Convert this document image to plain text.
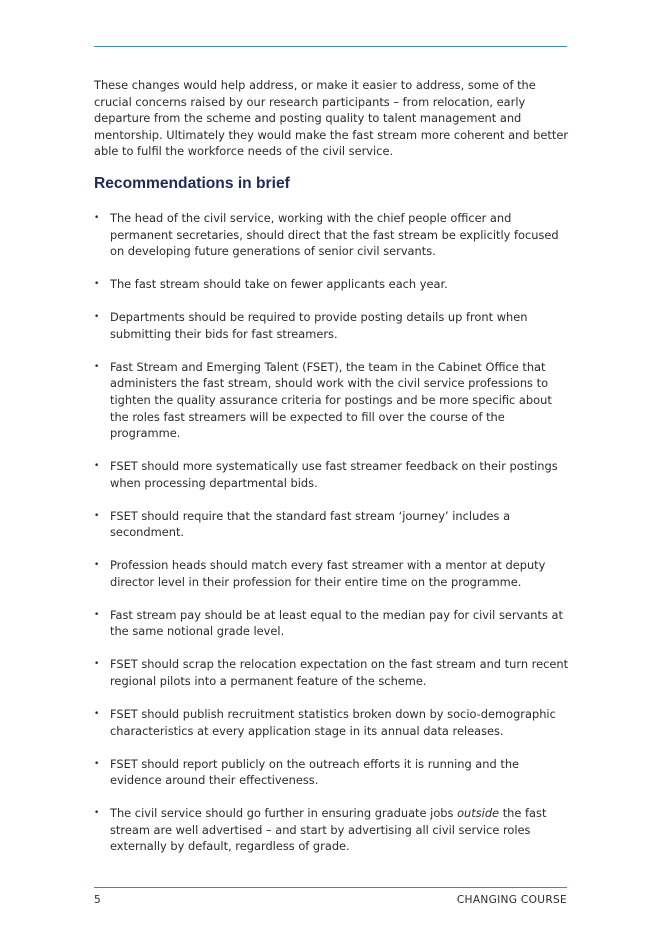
These changes would help address, or make it easier to address, some of the crucial concerns raised by our research participants – from relocation, early departure from the scheme and posting quality to talent management and mentorship. Ultimately they would make the fast stream more coherent and better able to fulfil the workforce needs of the civil service.

Recommendations in brief
• The head of the civil service, working with the chief people officer and permanent secretaries, should direct that the fast stream be explicitly focused on developing future generations of senior civil servants.
• The fast stream should take on fewer applicants each year.
• Departments should be required to provide posting details up front when submitting their bids for fast streamers.
• Fast Stream and Emerging Talent (FSET), the team in the Cabinet Office that administers the fast stream, should work with the civil service professions to tighten the quality assurance criteria for postings and be more specific about the roles fast streamers will be expected to fill over the course of the programme.
• FSET should more systematically use fast streamer feedback on their postings when processing departmental bids.
• FSET should require that the standard fast stream ‘journey’ includes a secondment.
• Profession heads should match every fast streamer with a mentor at deputy director level in their profession for their entire time on the programme.
• Fast stream pay should be at least equal to the median pay for civil servants at the same notional grade level.
• FSET should scrap the relocation expectation on the fast stream and turn recent regional pilots into a permanent feature of the scheme.
• FSET should publish recruitment statistics broken down by socio-demographic characteristics at every application stage in its annual data releases.
• FSET should report publicly on the outreach efforts it is running and the evidence around their effectiveness.
• The civil service should go further in ensuring graduate jobs outside the fast stream are well advertised – and start by advertising all civil service roles externally by default, regardless of grade.
5	CHANGING COURSE
